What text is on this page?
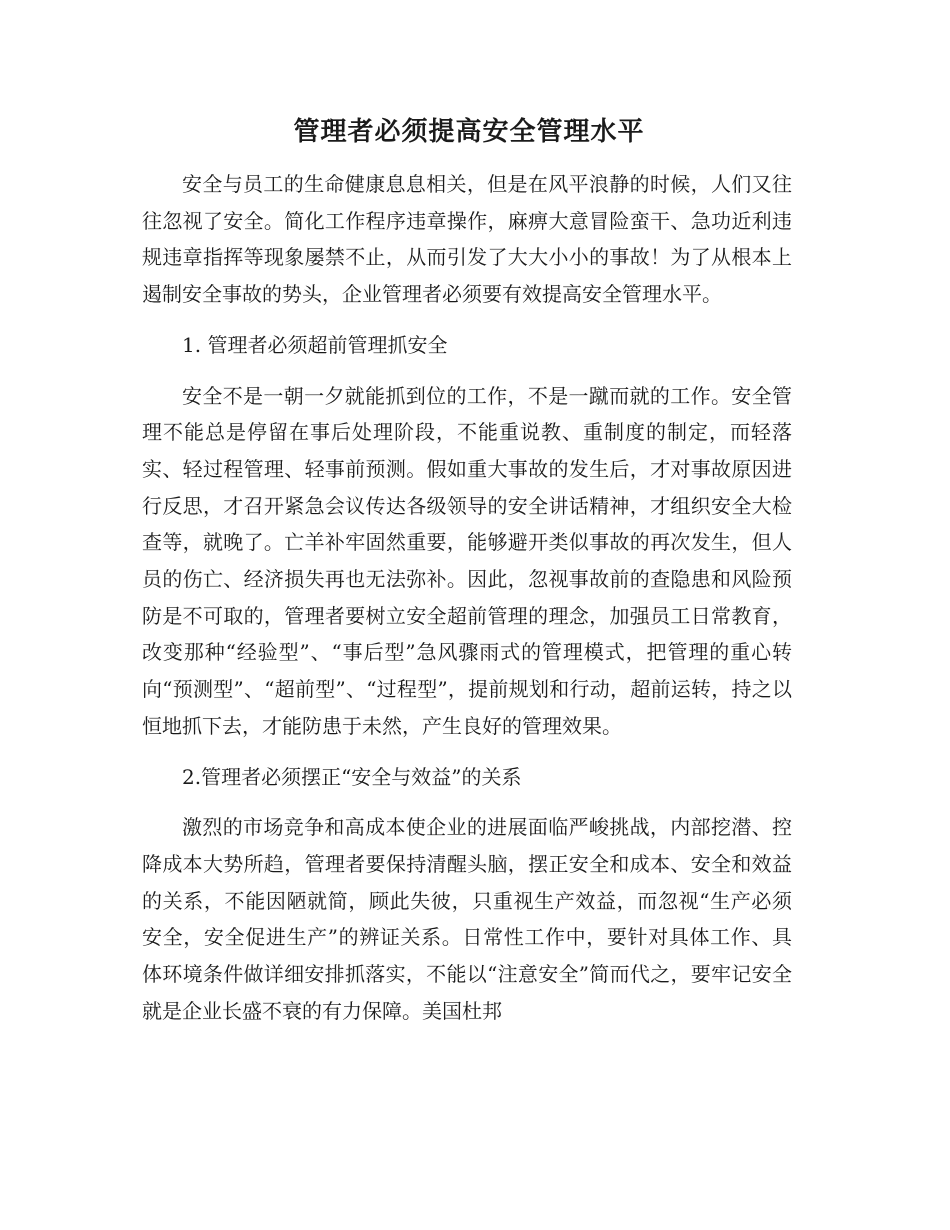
管理者必须提高安全管理水平

安全与员工的生命健康息息相关，但是在风平浪静的时候，人们又往往忽视了安全。简化工作程序违章操作，麻痹大意冒险蛮干、急功近利违规违章指挥等现象屡禁不止，从而引发了大大小小的事故！为了从根本上遏制安全事故的势头，企业管理者必须要有效提高安全管理水平。

1. 管理者必须超前管理抓安全

安全不是一朝一夕就能抓到位的工作，不是一蹴而就的工作。安全管理不能总是停留在事后处理阶段，不能重说教、重制度的制定，而轻落实、轻过程管理、轻事前预测。假如重大事故的发生后，才对事故原因进行反思，才召开紧急会议传达各级领导的安全讲话精神，才组织安全大检查等，就晚了。亡羊补牢固然重要，能够避开类似事故的再次发生，但人员的伤亡、经济损失再也无法弥补。因此，忽视事故前的查隐患和风险预防是不可取的，管理者要树立安全超前管理的理念，加强员工日常教育，改变那种“经验型”、“事后型”急风骤雨式的管理模式，把管理的重心转向“预测型”、“超前型”、“过程型”，提前规划和行动，超前运转，持之以恒地抓下去，才能防患于未然，产生良好的管理效果。

2.管理者必须摆正“安全与效益”的关系

激烈的市场竞争和高成本使企业的进展面临严峻挑战，内部挖潜、控降成本大势所趋，管理者要保持清醒头脑，摆正安全和成本、安全和效益的关系，不能因陋就简，顾此失彼，只重视生产效益，而忽视“生产必须安全，安全促进生产”的辨证关系。日常性工作中，要针对具体工作、具体环境条件做详细安排抓落实，不能以“注意安全”简而代之，要牢记安全就是企业长盛不衰的有力保障。美国杜邦
